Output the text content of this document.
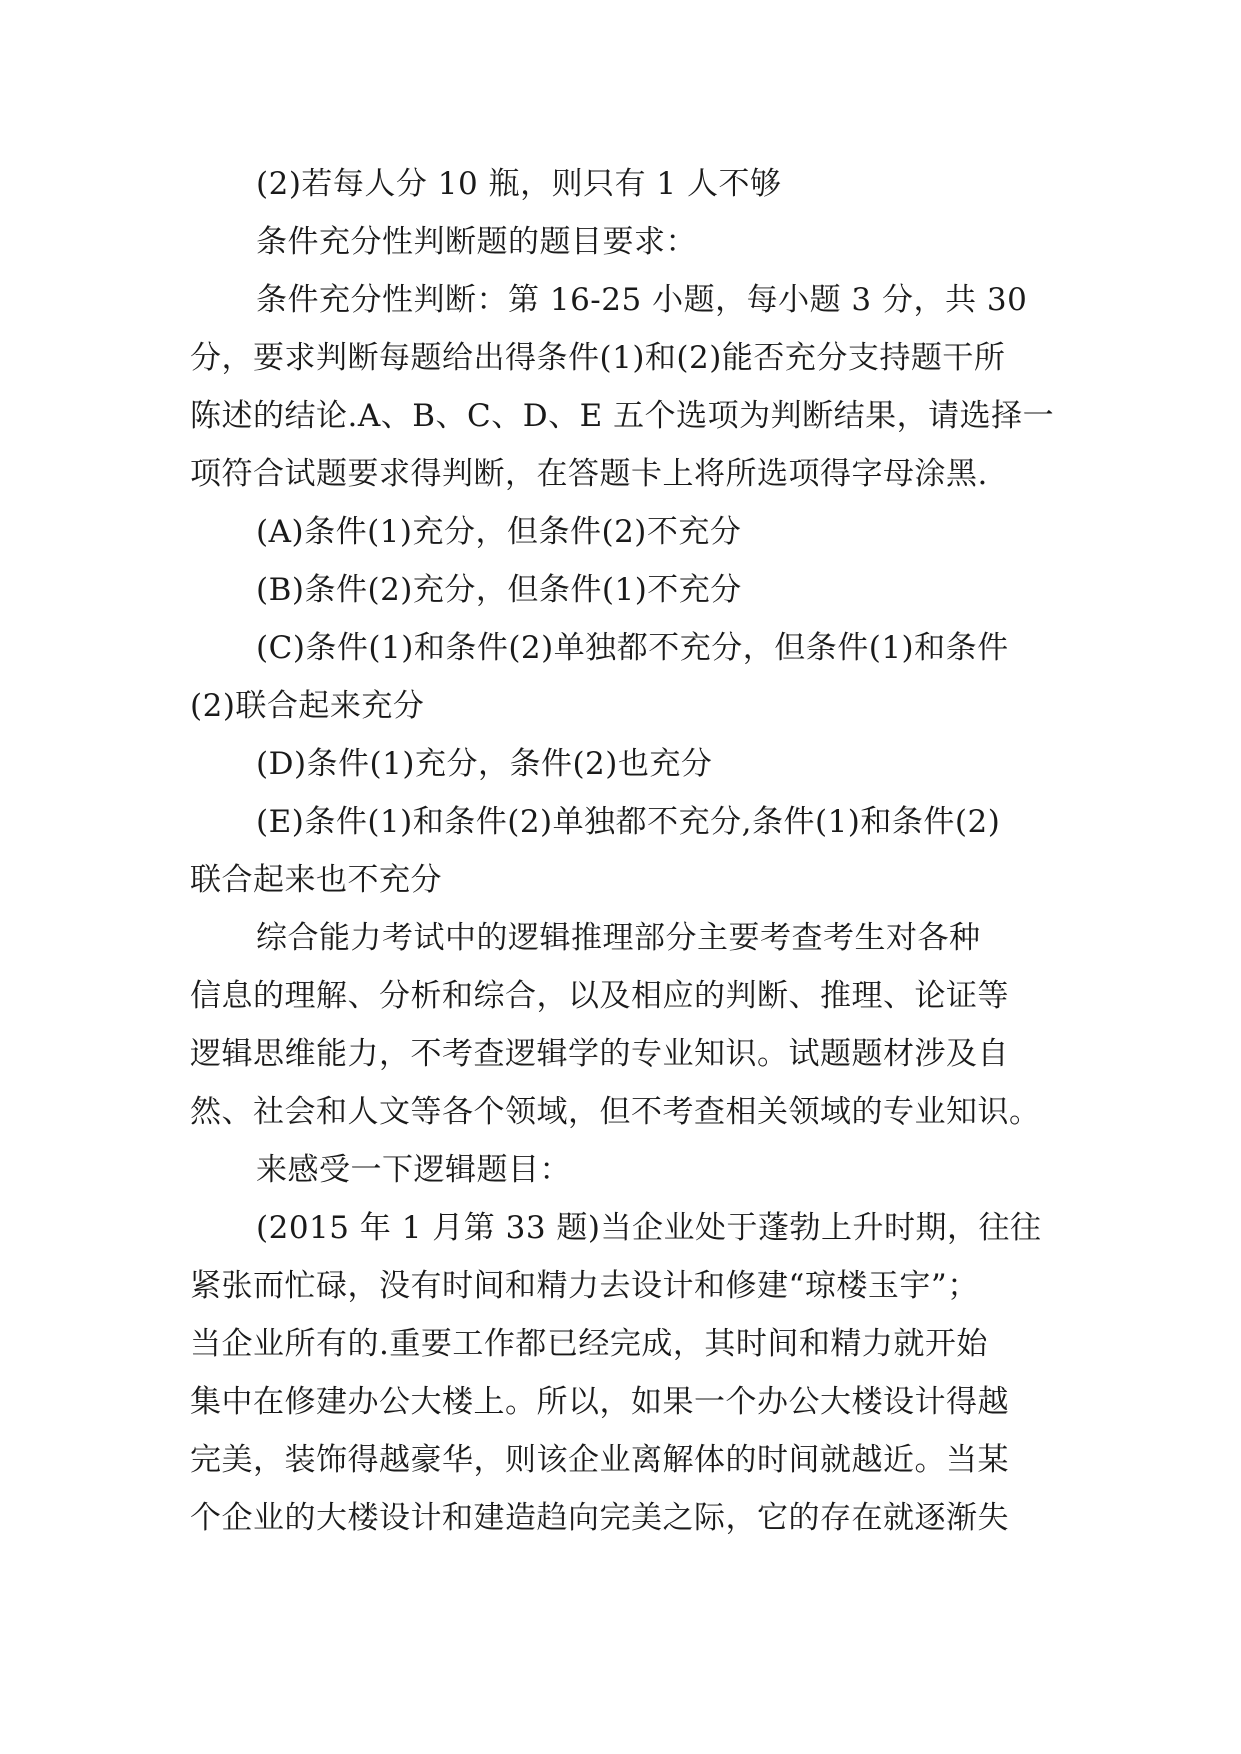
(2)若每人分 10 瓶，则只有 1 人不够
条件充分性判断题的题目要求：
条件充分性判断：第 16-25 小题，每小题 3 分，共 30
分，要求判断每题给出得条件(1)和(2)能否充分支持题干所
陈述的结论.A、B、C、D、E 五个选项为判断结果，请选择一
项符合试题要求得判断，在答题卡上将所选项得字母涂黑.
(A)条件(1)充分，但条件(2)不充分
(B)条件(2)充分，但条件(1)不充分
(C)条件(1)和条件(2)单独都不充分，但条件(1)和条件
(2)联合起来充分
(D)条件(1)充分，条件(2)也充分
(E)条件(1)和条件(2)单独都不充分,条件(1)和条件(2)
联合起来也不充分
综合能力考试中的逻辑推理部分主要考查考生对各种
信息的理解、分析和综合，以及相应的判断、推理、论证等
逻辑思维能力，不考查逻辑学的专业知识。试题题材涉及自
然、社会和人文等各个领域，但不考查相关领域的专业知识。
来感受一下逻辑题目：
(2015 年 1 月第 33 题)当企业处于蓬勃上升时期，往往
紧张而忙碌，没有时间和精力去设计和修建“琼楼玉宇”；
当企业所有的.重要工作都已经完成，其时间和精力就开始
集中在修建办公大楼上。所以，如果一个办公大楼设计得越
完美，装饰得越豪华，则该企业离解体的时间就越近。当某
个企业的大楼设计和建造趋向完美之际，它的存在就逐渐失
